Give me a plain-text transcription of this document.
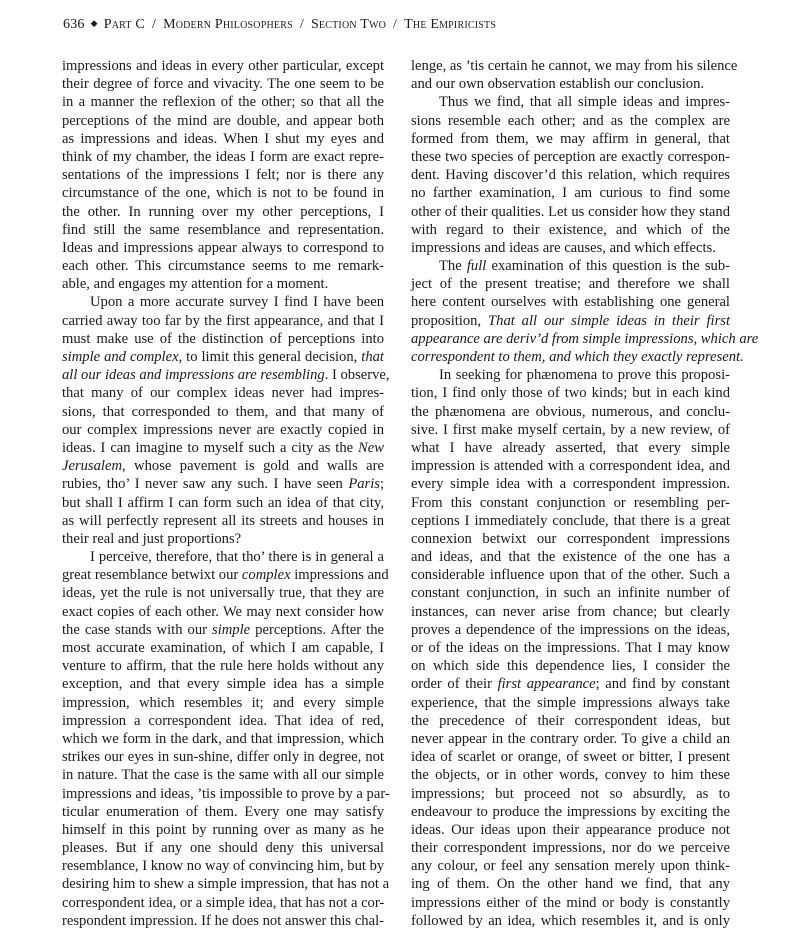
636 ◆ Part C / Modern Philosophers / Section Two / The Empiricists
impressions and ideas in every other particular, except
their degree of force and vivacity. The one seem to be
in a manner the reflexion of the other; so that all the
perceptions of the mind are double, and appear both
as impressions and ideas. When I shut my eyes and
think of my chamber, the ideas I form are exact repre-
sentations of the impressions I felt; nor is there any
circumstance of the one, which is not to be found in
the other. In running over my other perceptions, I
find still the same resemblance and representation.
Ideas and impressions appear always to correspond to
each other. This circumstance seems to me remark-
able, and engages my attention for a moment.
Upon a more accurate survey I find I have been
carried away too far by the first appearance, and that I
must make use of the distinction of perceptions into
simple and complex, to limit this general decision, that
all our ideas and impressions are resembling. I observe,
that many of our complex ideas never had impres-
sions, that corresponded to them, and that many of
our complex impressions never are exactly copied in
ideas. I can imagine to myself such a city as the New
Jerusalem, whose pavement is gold and walls are
rubies, tho’ I never saw any such. I have seen Paris;
but shall I affirm I can form such an idea of that city,
as will perfectly represent all its streets and houses in
their real and just proportions?
I perceive, therefore, that tho’ there is in general a
great resemblance betwixt our complex impressions and
ideas, yet the rule is not universally true, that they are
exact copies of each other. We may next consider how
the case stands with our simple perceptions. After the
most accurate examination, of which I am capable, I
venture to affirm, that the rule here holds without any
exception, and that every simple idea has a simple
impression, which resembles it; and every simple
impression a correspondent idea. That idea of red,
which we form in the dark, and that impression, which
strikes our eyes in sun-shine, differ only in degree, not
in nature. That the case is the same with all our simple
impressions and ideas, ’tis impossible to prove by a par-
ticular enumeration of them. Every one may satisfy
himself in this point by running over as many as he
pleases. But if any one should deny this universal
resemblance, I know no way of convincing him, but by
desiring him to shew a simple impression, that has not a
correspondent idea, or a simple idea, that has not a cor-
respondent impression. If he does not answer this chal-
lenge, as ’tis certain he cannot, we may from his silence
and our own observation establish our conclusion.
Thus we find, that all simple ideas and impres-
sions resemble each other; and as the complex are
formed from them, we may affirm in general, that
these two species of perception are exactly correspon-
dent. Having discover’d this relation, which requires
no farther examination, I am curious to find some
other of their qualities. Let us consider how they stand
with regard to their existence, and which of the
impressions and ideas are causes, and which effects.
The full examination of this question is the sub-
ject of the present treatise; and therefore we shall
here content ourselves with establishing one general
proposition, That all our simple ideas in their first
appearance are deriv’d from simple impressions, which are
correspondent to them, and which they exactly represent.
In seeking for phænomena to prove this proposi-
tion, I find only those of two kinds; but in each kind
the phænomena are obvious, numerous, and conclu-
sive. I first make myself certain, by a new review, of
what I have already asserted, that every simple
impression is attended with a correspondent idea, and
every simple idea with a correspondent impression.
From this constant conjunction or resembling per-
ceptions I immediately conclude, that there is a great
connexion betwixt our correspondent impressions
and ideas, and that the existence of the one has a
considerable influence upon that of the other. Such a
constant conjunction, in such an infinite number of
instances, can never arise from chance; but clearly
proves a dependence of the impressions on the ideas,
or of the ideas on the impressions. That I may know
on which side this dependence lies, I consider the
order of their first appearance; and find by constant
experience, that the simple impressions always take
the precedence of their correspondent ideas, but
never appear in the contrary order. To give a child an
idea of scarlet or orange, of sweet or bitter, I present
the objects, or in other words, convey to him these
impressions; but proceed not so absurdly, as to
endeavour to produce the impressions by exciting the
ideas. Our ideas upon their appearance produce not
their correspondent impressions, nor do we perceive
any colour, or feel any sensation merely upon think-
ing of them. On the other hand we find, that any
impressions either of the mind or body is constantly
followed by an idea, which resembles it, and is only
